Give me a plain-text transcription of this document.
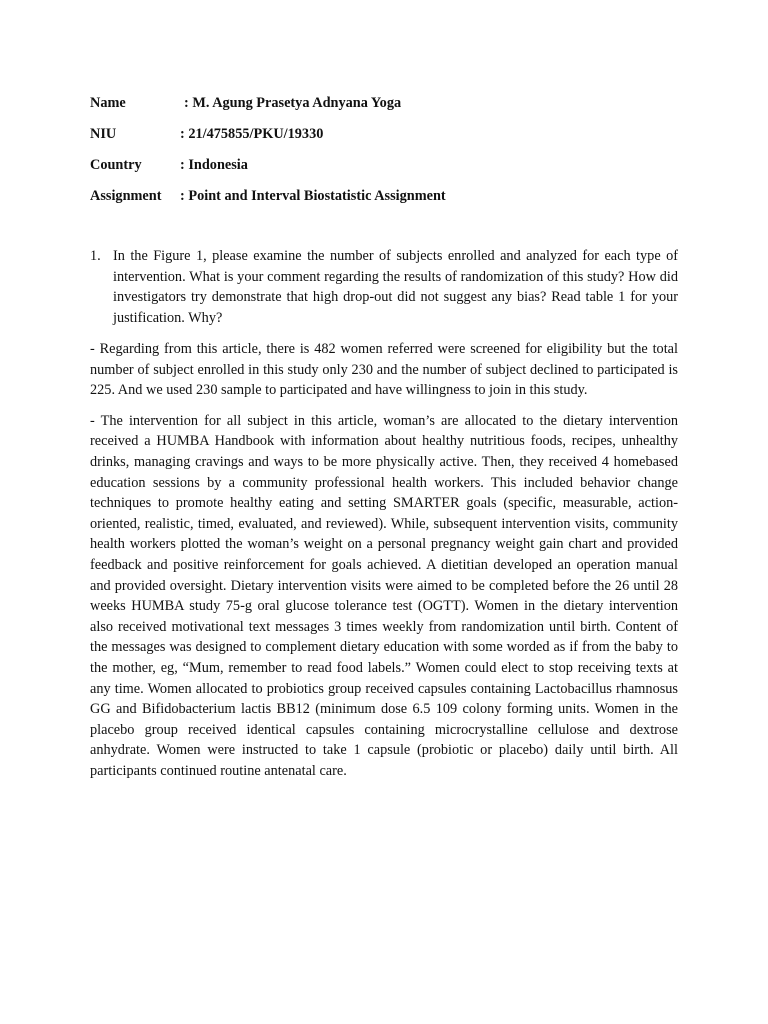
Name	: M. Agung Prasetya Adnyana Yoga
NIU	: 21/475855/PKU/19330
Country	: Indonesia
Assignment : Point and Interval Biostatistic Assignment
1. In the Figure 1, please examine the number of subjects enrolled and analyzed for each type of intervention. What is your comment regarding the results of randomization of this study? How did investigators try demonstrate that high drop-out did not suggest any bias? Read table 1 for your justification. Why?

- Regarding from this article, there is 482 women referred were screened for eligibility but the total number of subject enrolled in this study only 230 and the number of subject declined to participated is 225. And we used 230 sample to participated and have willingness to join in this study.

- The intervention for all subject in this article, woman’s are allocated to the dietary intervention received a HUMBA Handbook with information about healthy nutritious foods, recipes, unhealthy drinks, managing cravings and ways to be more physically active. Then, they received 4 homebased education sessions by a community professional health workers. This included behavior change techniques to promote healthy eating and setting SMARTER goals (specific, measurable, action-oriented, realistic, timed, evaluated, and reviewed). While, subsequent intervention visits, community health workers plotted the woman’s weight on a personal pregnancy weight gain chart and provided feedback and positive reinforcement for goals achieved. A dietitian developed an operation manual and provided oversight. Dietary intervention visits were aimed to be completed before the 26 until 28 weeks HUMBA study 75-g oral glucose tolerance test (OGTT). Women in the dietary intervention also received motivational text messages 3 times weekly from randomization until birth. Content of the messages was designed to complement dietary education with some worded as if from the baby to the mother, eg, “Mum, remember to read food labels.” Women could elect to stop receiving texts at any time. Women allocated to probiotics group received capsules containing Lactobacillus rhamnosus GG and Bifidobacterium lactis BB12 (minimum dose 6.5 109 colony forming units. Women in the placebo group received identical capsules containing microcrystalline cellulose and dextrose anhydrate. Women were instructed to take 1 capsule (probiotic or placebo) daily until birth. All participants continued routine antenatal care.
